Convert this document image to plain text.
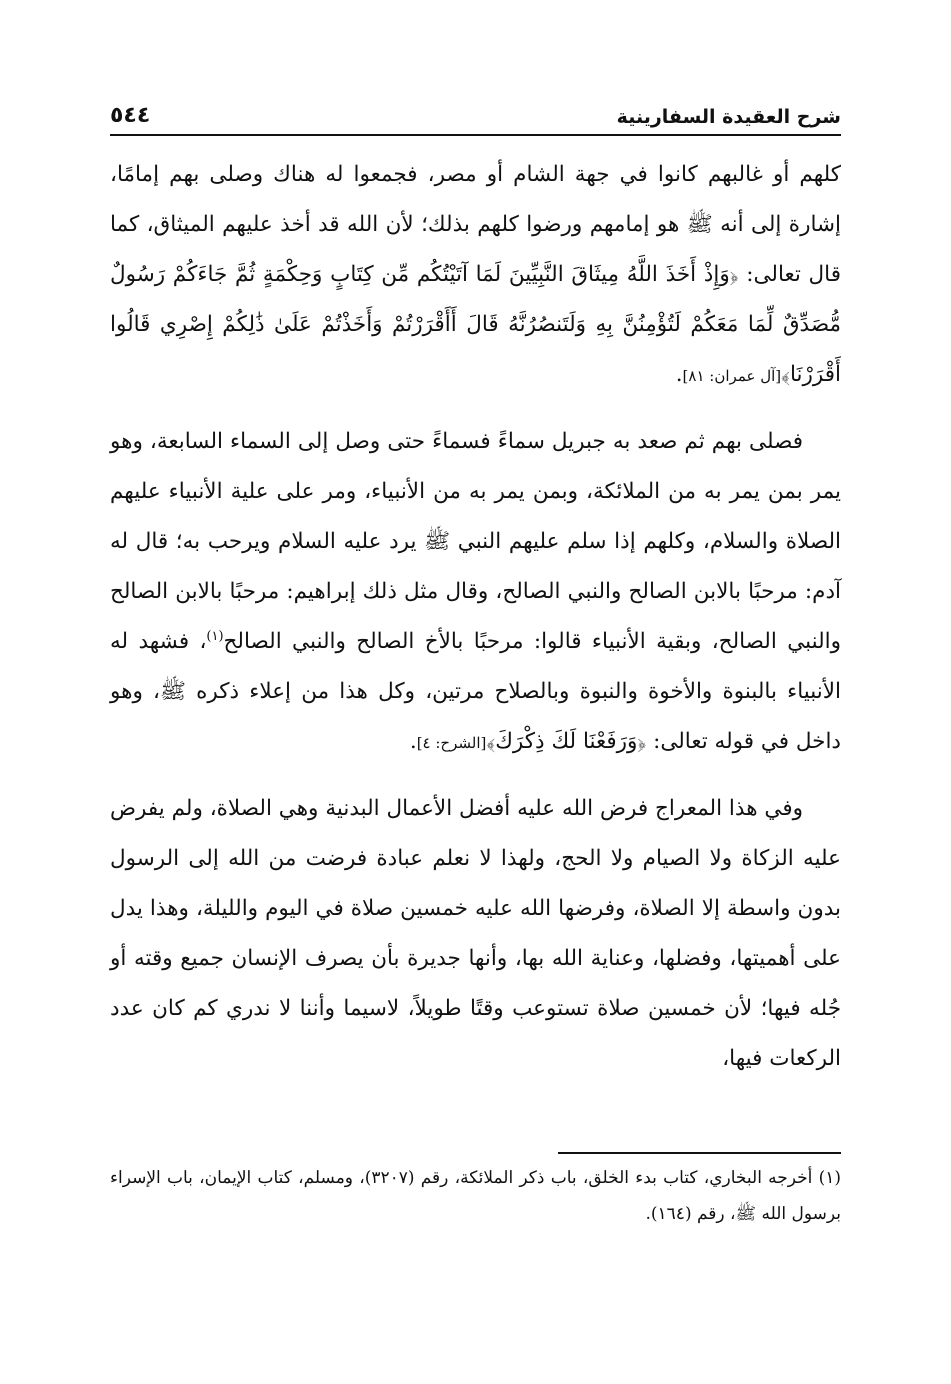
شرح العقيدة السفارينية
٥٤٤

كلهم أو غالبهم كانوا في جهة الشام أو مصر، فجمعوا له هناك وصلى بهم إمامًا، إشارة إلى أنه ﷺ هو إمامهم ورضوا كلهم بذلك؛ لأن الله قد أخذ عليهم الميثاق، كما قال تعالى: ﴿وَإِذْ أَخَذَ اللَّهُ مِيثَاقَ النَّبِيِّينَ لَمَا آتَيْتُكُم مِّن كِتَابٍ وَحِكْمَةٍ ثُمَّ جَاءَكُمْ رَسُولٌ مُّصَدِّقٌ لِّمَا مَعَكُمْ لَتُؤْمِنُنَّ بِهِ وَلَتَنصُرُنَّهُ قَالَ أَأَقْرَرْتُمْ وَأَخَذْتُمْ عَلَىٰ ذَٰلِكُمْ إِصْرِي قَالُوا أَقْرَرْنَا﴾[آل عمران: ٨١].

فصلى بهم ثم صعد به جبريل سماءً فسماءً حتى وصل إلى السماء السابعة، وهو يمر بمن يمر به من الملائكة، وبمن يمر به من الأنبياء، ومر على علية الأنبياء عليهم الصلاة والسلام، وكلهم إذا سلم عليهم النبي ﷺ يرد عليه السلام ويرحب به؛ قال له آدم: مرحبًا بالابن الصالح والنبي الصالح، وقال مثل ذلك إبراهيم: مرحبًا بالابن الصالح والنبي الصالح، وبقية الأنبياء قالوا: مرحبًا بالأخ الصالح والنبي الصالح$^{(١)}$، فشهد له الأنبياء بالبنوة والأخوة والنبوة وبالصلاح مرتين، وكل هذا من إعلاء ذكره ﷺ، وهو داخل في قوله تعالى: ﴿وَرَفَعْنَا لَكَ ذِكْرَكَ﴾[الشرح: ٤].

وفي هذا المعراج فرض الله عليه أفضل الأعمال البدنية وهي الصلاة، ولم يفرض عليه الزكاة ولا الصيام ولا الحج، ولهذا لا نعلم عبادة فرضت من الله إلى الرسول بدون واسطة إلا الصلاة، وفرضها الله عليه خمسين صلاة في اليوم والليلة، وهذا يدل على أهميتها، وفضلها، وعناية الله بها، وأنها جديرة بأن يصرف الإنسان جميع وقته أو جُله فيها؛ لأن خمسين صلاة تستوعب وقتًا طويلاً، لاسيما وأننا لا ندري كم كان عدد الركعات فيها،

(١) أخرجه البخاري، كتاب بدء الخلق، باب ذكر الملائكة، رقم (٣٢٠٧)، ومسلم، كتاب الإيمان، باب الإسراء برسول الله ﷺ، رقم (١٦٤).
